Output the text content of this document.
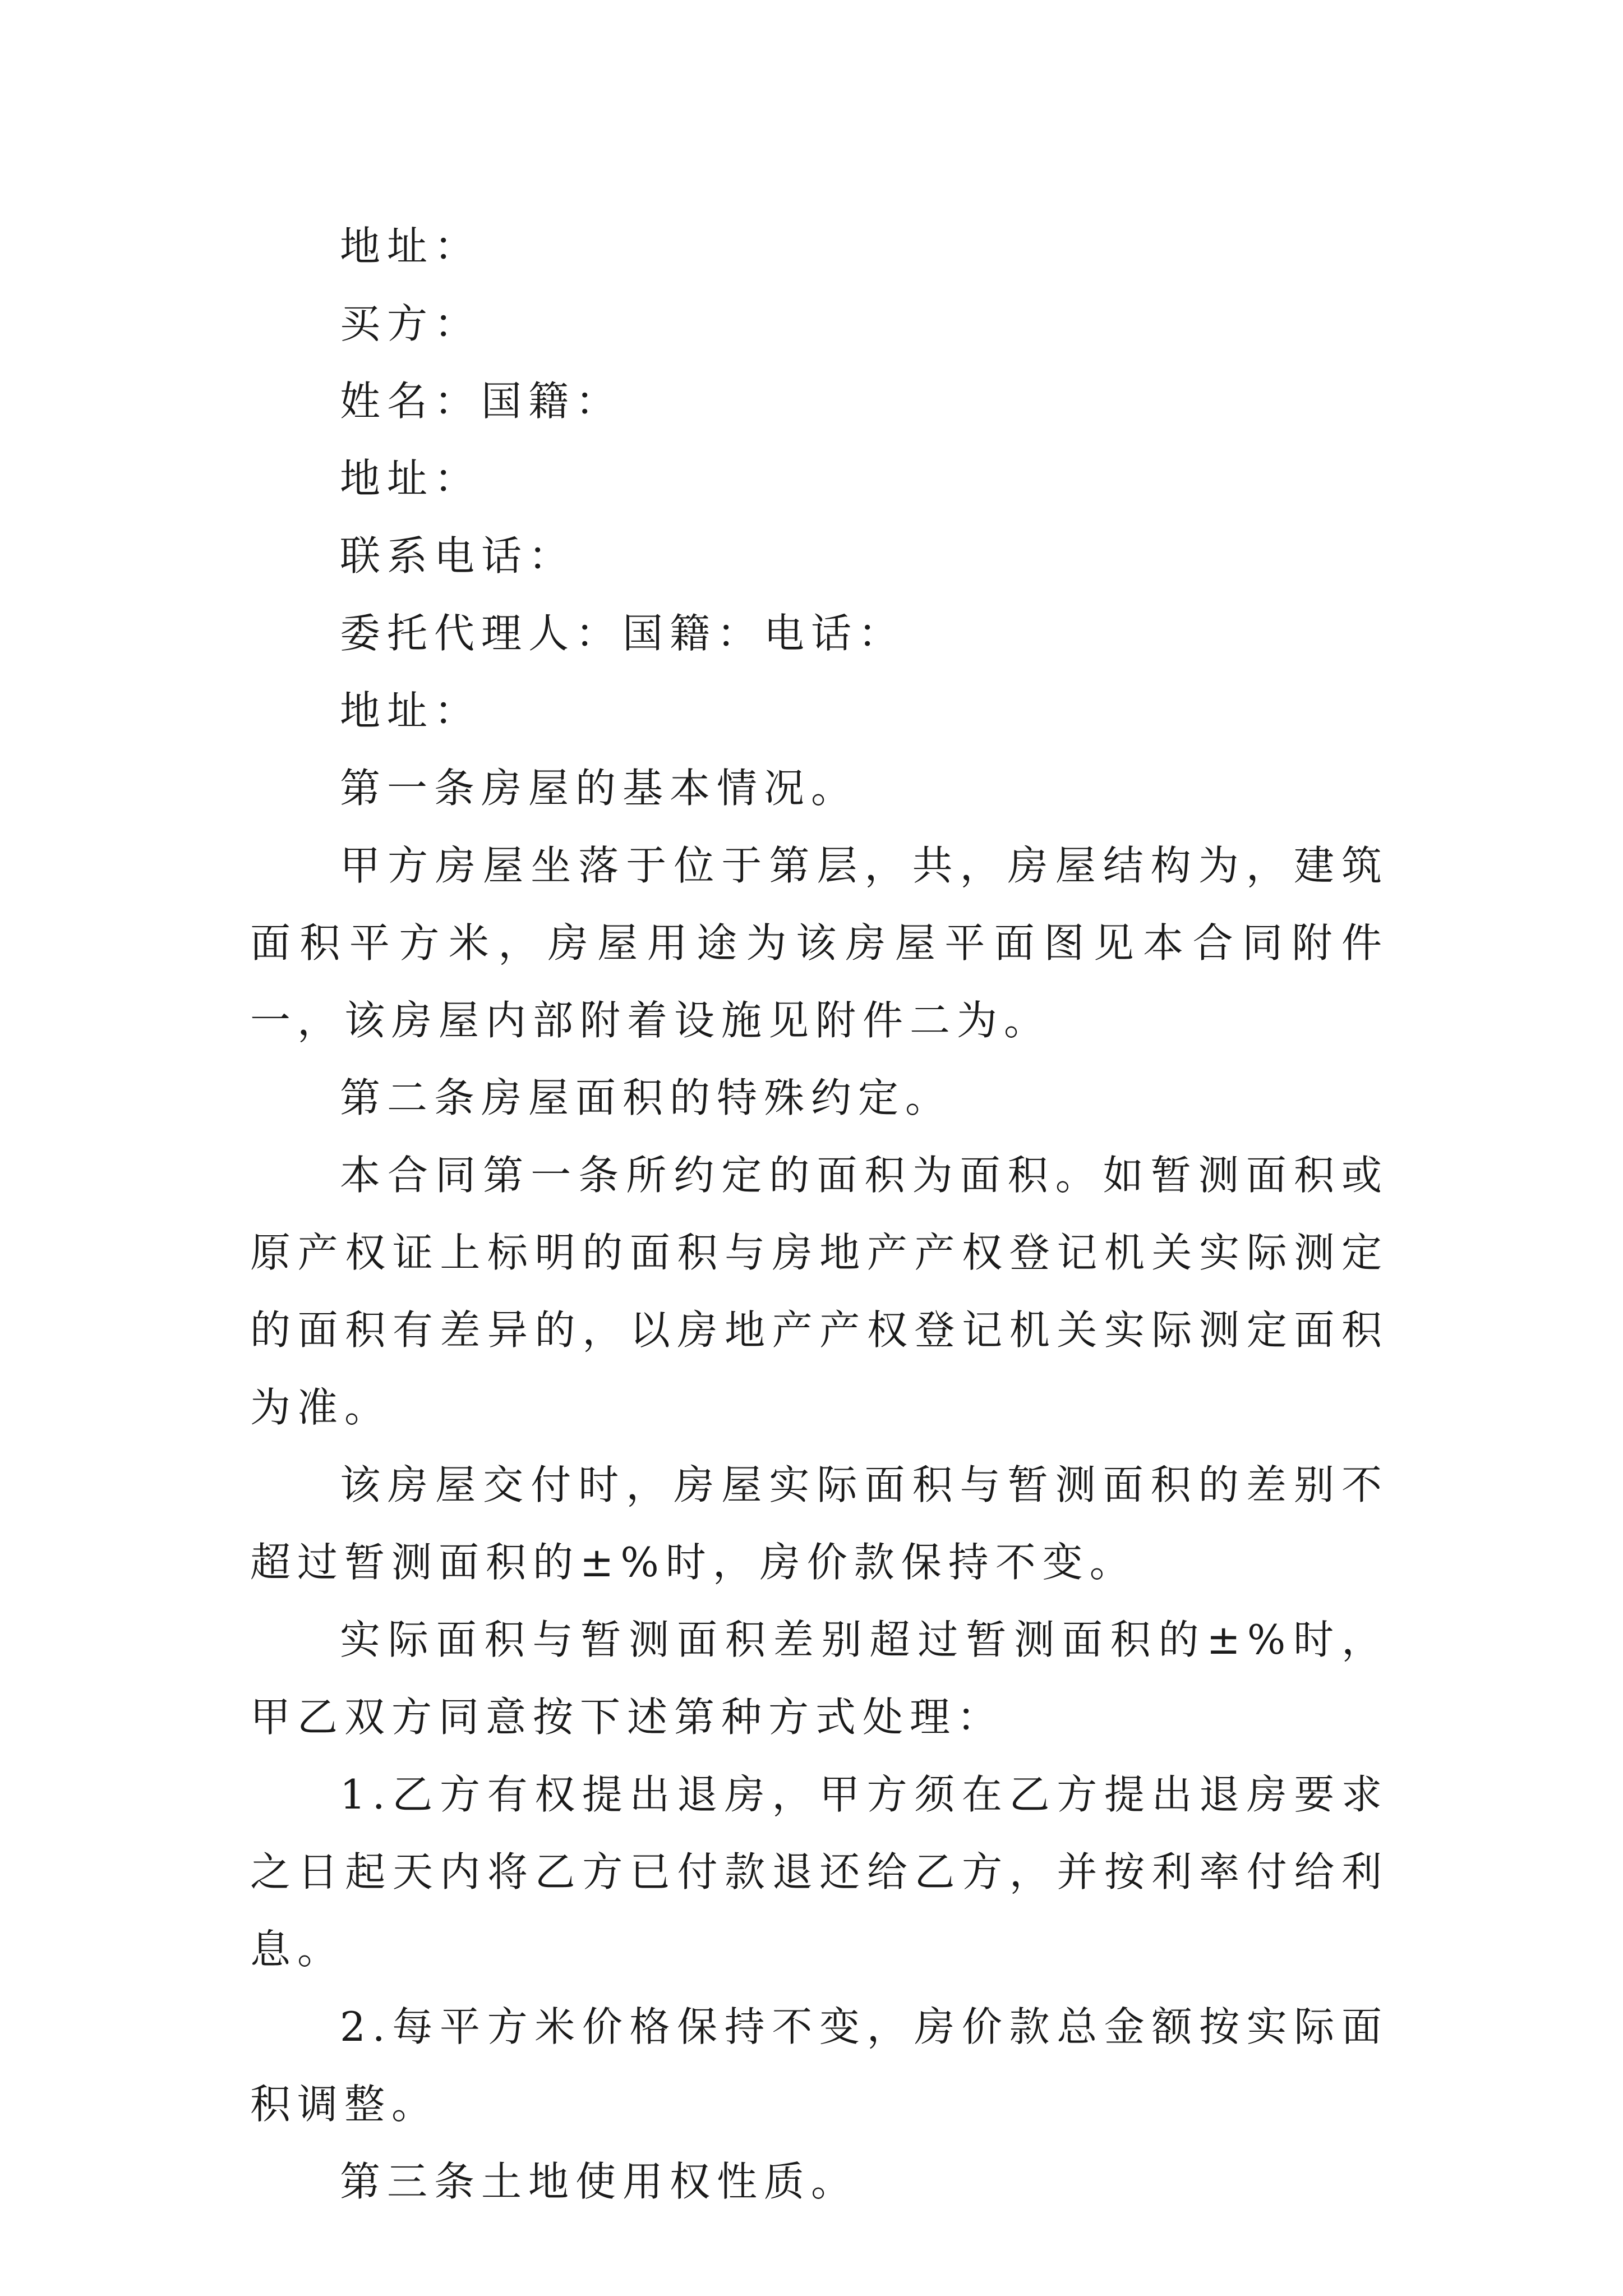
地址：
买方：
姓名：国籍：
地址：
联系电话：
委托代理人：国籍：电话：
地址：
第一条房屋的基本情况。
甲方房屋坐落于位于第层，共，房屋结构为，建筑面积平方米，房屋用途为该房屋平面图见本合同附件一，该房屋内部附着设施见附件二为。
第二条房屋面积的特殊约定。
本合同第一条所约定的面积为面积。如暂测面积或原产权证上标明的面积与房地产产权登记机关实际测定的面积有差异的，以房地产产权登记机关实际测定面积为准。
该房屋交付时，房屋实际面积与暂测面积的差别不超过暂测面积的±%时，房价款保持不变。
实际面积与暂测面积差别超过暂测面积的±%时，甲乙双方同意按下述第种方式处理：
1.乙方有权提出退房，甲方须在乙方提出退房要求之日起天内将乙方已付款退还给乙方，并按利率付给利息。
2.每平方米价格保持不变，房价款总金额按实际面积调整。
第三条土地使用权性质。
